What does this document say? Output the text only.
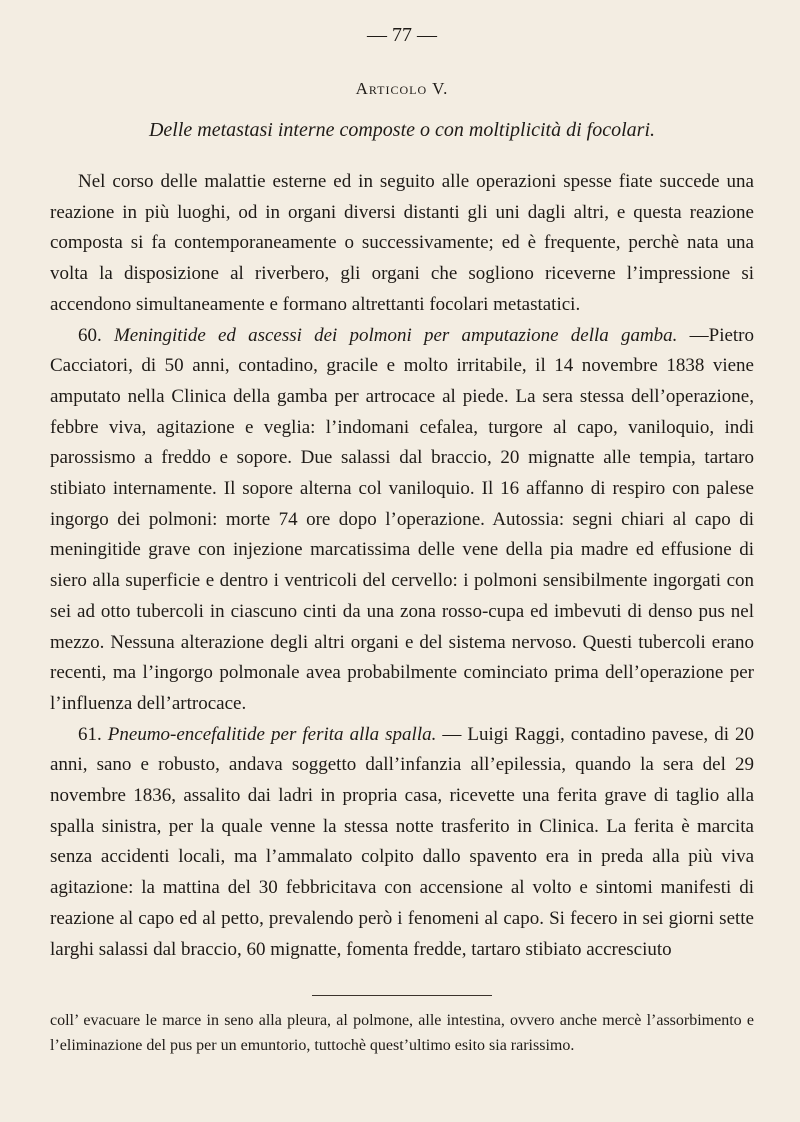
— 77 —
Articolo V.
Delle metastasi interne composte o con moltiplicità di focolari.

Nel corso delle malattie esterne ed in seguito alle operazioni spesse fiate succede una reazione in più luoghi, od in organi diversi distanti gli uni dagli altri, e questa reazione composta si fa contemporaneamente o successivamente; ed è frequente, perchè nata una volta la disposizione al riverbero, gli organi che sogliono riceverne l’impressione si accendono simultaneamente e formano altrettanti focolari metastatici.

60. Meningitide ed ascessi dei polmoni per amputazione della gamba. —Pietro Cacciatori, di 50 anni, contadino, gracile e molto irritabile, il 14 novembre 1838 viene amputato nella Clinica della gamba per artrocace al piede. La sera stessa dell’operazione, febbre viva, agitazione e veglia: l’indomani cefalea, turgore al capo, vaniloquio, indi parossismo a freddo e sopore. Due salassi dal braccio, 20 mignatte alle tempia, tartaro stibiato internamente. Il sopore alterna col vaniloquio. Il 16 affanno di respiro con palese ingorgo dei polmoni: morte 74 ore dopo l’operazione. Autossia: segni chiari al capo di meningitide grave con injezione marcatissima delle vene della pia madre ed effusione di siero alla superficie e dentro i ventricoli del cervello: i polmoni sensibilmente ingorgati con sei ad otto tubercoli in ciascuno cinti da una zona rosso-cupa ed imbevuti di denso pus nel mezzo. Nessuna alterazione degli altri organi e del sistema nervoso. Questi tubercoli erano recenti, ma l’ingorgo polmonale avea probabilmente cominciato prima dell’operazione per l’influenza dell’artrocace.

61. Pneumo-encefalitide per ferita alla spalla. — Luigi Raggi, contadino pavese, di 20 anni, sano e robusto, andava soggetto dall’infanzia all’epilessia, quando la sera del 29 novembre 1836, assalito dai ladri in propria casa, ricevette una ferita grave di taglio alla spalla sinistra, per la quale venne la stessa notte trasferito in Clinica. La ferita è marcita senza accidenti locali, ma l’ammalato colpito dallo spavento era in preda alla più viva agitazione: la mattina del 30 febbricitava con accensione al volto e sintomi manifesti di reazione al capo ed al petto, prevalendo però i fenomeni al capo. Si fecero in sei giorni sette larghi salassi dal braccio, 60 mignatte, fomenta fredde, tartaro stibiato accresciuto

coll’ evacuare le marce in seno alla pleura, al polmone, alle intestina, ovvero anche mercè l’assorbimento e l’eliminazione del pus per un emuntorio, tuttochè quest’ultimo esito sia rarissimo.
